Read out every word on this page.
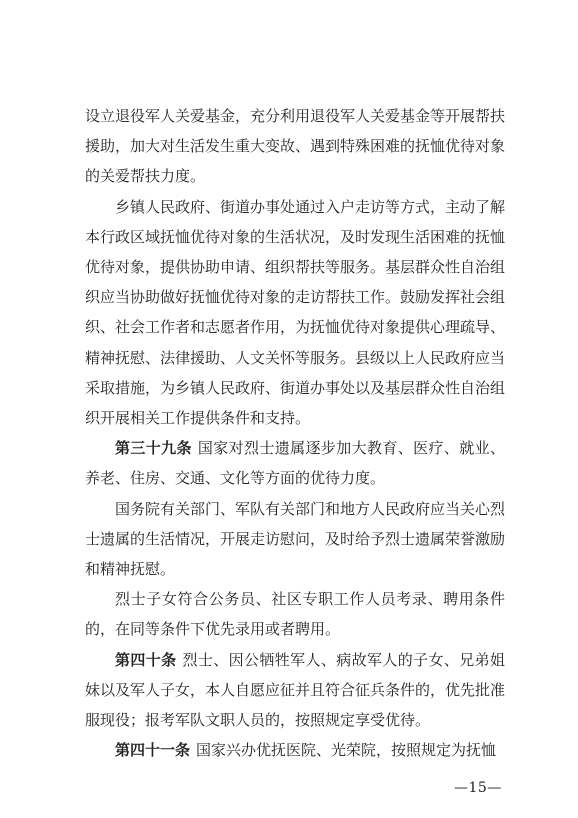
设立退役军人关爱基金，充分利用退役军人关爱基金等开展帮扶援助，加大对生活发生重大变故、遇到特殊困难的抚恤优待对象的关爱帮扶力度。

乡镇人民政府、街道办事处通过入户走访等方式，主动了解本行政区域抚恤优待对象的生活状况，及时发现生活困难的抚恤优待对象，提供协助申请、组织帮扶等服务。基层群众性自治组织应当协助做好抚恤优待对象的走访帮扶工作。鼓励发挥社会组织、社会工作者和志愿者作用，为抚恤优待对象提供心理疏导、精神抚慰、法律援助、人文关怀等服务。县级以上人民政府应当采取措施，为乡镇人民政府、街道办事处以及基层群众性自治组织开展相关工作提供条件和支持。

第三十九条 国家对烈士遗属逐步加大教育、医疗、就业、养老、住房、交通、文化等方面的优待力度。

国务院有关部门、军队有关部门和地方人民政府应当关心烈士遗属的生活情况，开展走访慰问，及时给予烈士遗属荣誉激励和精神抚慰。

烈士子女符合公务员、社区专职工作人员考录、聘用条件的，在同等条件下优先录用或者聘用。

第四十条 烈士、因公牺牲军人、病故军人的子女、兄弟姐妹以及军人子女，本人自愿应征并且符合征兵条件的，优先批准服现役；报考军队文职人员的，按照规定享受优待。

第四十一条 国家兴办优抚医院、光荣院，按照规定为抚恤

—15—
